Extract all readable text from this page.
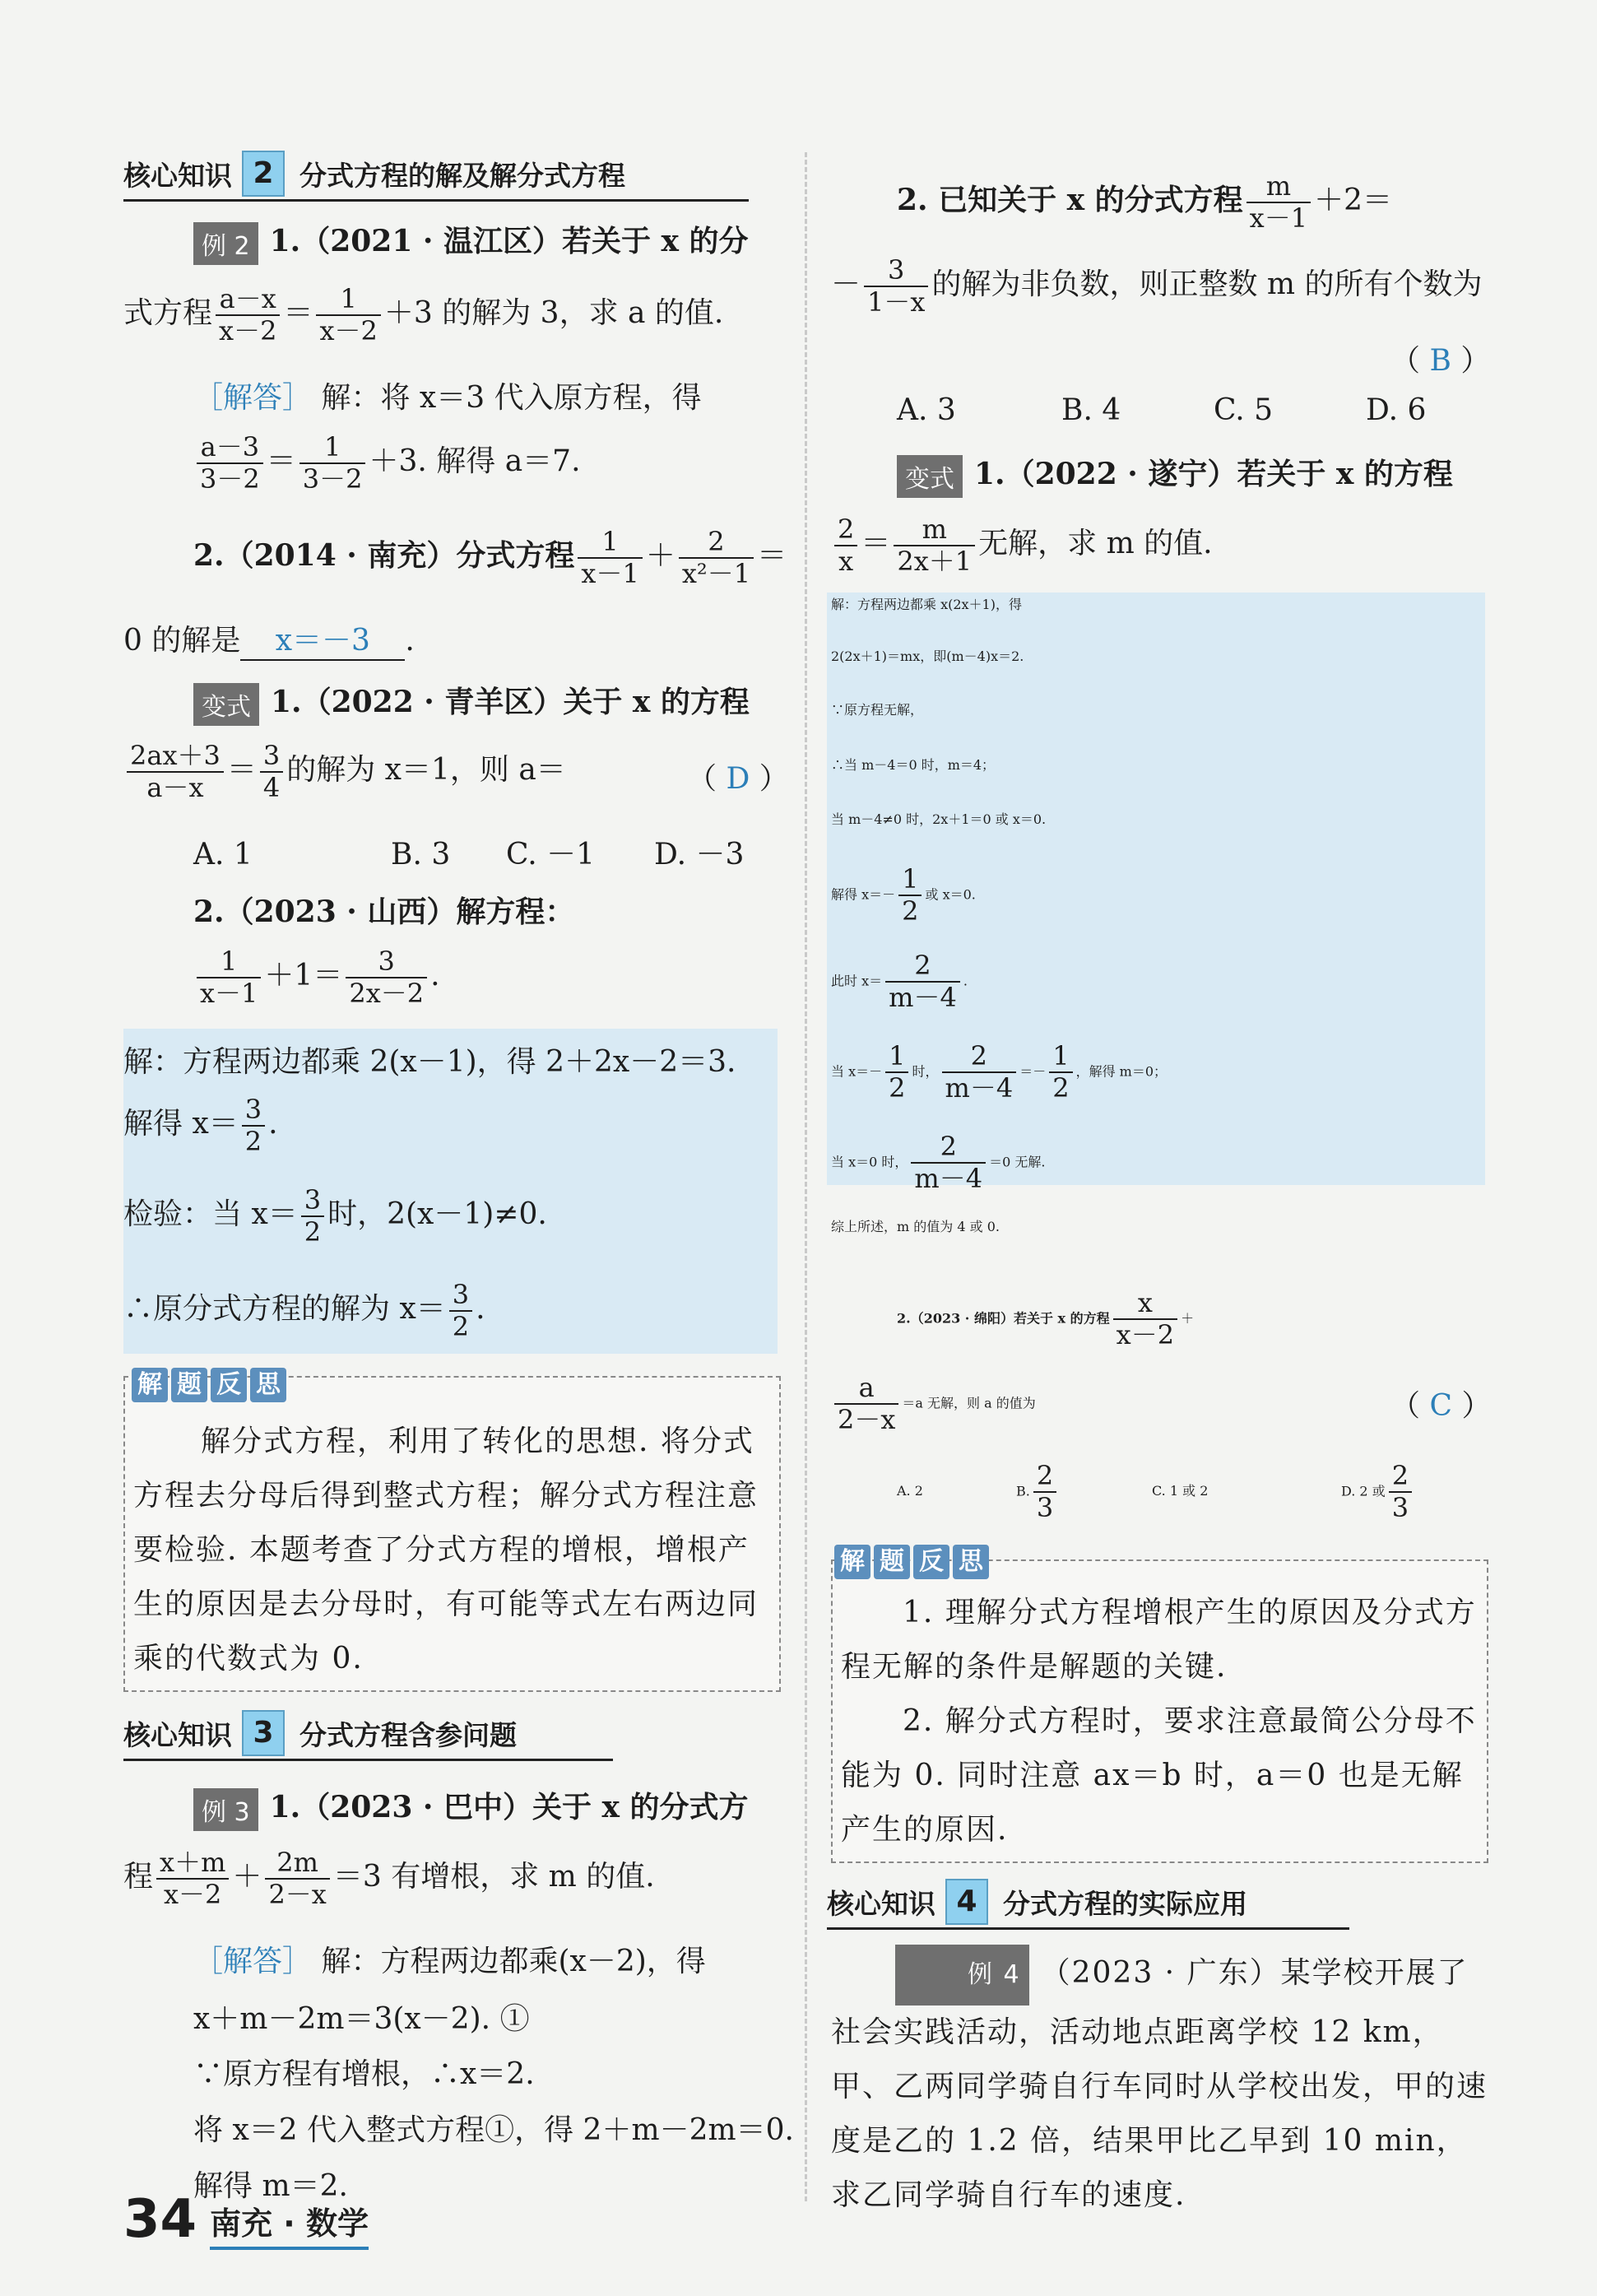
核心知识 2 分式方程的解及解分式方程
例 2 1.（2021 · 温江区）若关于 x 的分
式方程 $\frac{a-x}{x-2} = \frac{1}{x-2} +3$ 的解为 3，求 a 的值.
［解答］ 解：将 x＝3 代入原方程，得
$\frac{a-3}{3-2} = \frac{1}{3-2} +3$. 解得 a＝7.
2.（2014 · 南充）分式方程 $\frac{1}{x-1} + \frac{2}{\text{x²－1}}$ ＝
0 的解是 x＝－3 .
变式 1.（2022 · 青羊区）关于 x 的方程
$\frac{2ax+3}{a-x} = \frac{3}{4}$ 的解为 x＝1，则 a＝	（ D ）
A. 1	B. 3 C. －1 D. －3
2.（2023 · 山西）解方程：
$\frac{1}{x-1} +1= \frac{3}{2x-2}$ .
解：方程两边都乘 2(x－1)，得 2＋2x－2＝3.
解得 $x= \frac{3}{2}$ .
检验：当 $x= \frac{3}{2}$ 时，2(x－1)≠0.
∴原分式方程的解为 $x= \frac{3}{2}$ .
解 题 反 思
解分式方程，利用了转化的思想. 将分式方程去分母后得到整式方程；解分式方程注意要检验. 本题考查了分式方程的增根，增根产生的原因是去分母时，有可能等式左右两边同乘的代数式为 0.
核心知识 3 分式方程含参问题
例 3 1.（2023 · 巴中）关于 x 的分式方
程 $\frac{x+m}{x-2} + \frac{2m}{2-x} =3$ 有增根，求 m 的值.
［解答］ 解：方程两边都乘(x－2)，得
x＋m－2m＝3(x－2). ①
∵原方程有增根，∴x＝2.
将 x＝2 代入整式方程①，得 2＋m－2m＝0.
解得 m＝2.
2. 已知关于 x 的分式方程 $\frac{m}{x-1} +2=$
－ $\frac{3}{1-x}$ 的解为非负数，则正整数 m 的所有个数为
（ B ）
A. 3	B. 4	C. 5	D. 6
变式 1.（2022 · 遂宁）若关于 x 的方程
$\frac{2}{x} = \frac{m}{2x+1}$ 无解，求 m 的值.
解：方程两边都乘 x(2x＋1)，得
2(2x＋1)＝mx，即(m－4)x＝2.
∵原方程无解，
∴当 m－4＝0 时，m＝4；
当 m－4≠0 时，2x＋1＝0 或 x＝0.
解得 $x=- \frac{1}{2}$ 或 x＝0.
此时 $x= \frac{2}{m-4}$ .
当 $x=- \frac{1}{2}$ 时， $\frac{2}{m-4} =- \frac{1}{2}$ ，解得 m＝0；
当 x＝0 时， $\frac{2}{m-4} =0$ 无解.
综上所述，m 的值为 4 或 0.
2.（2023 · 绵阳）若关于 x 的方程 $\frac{x}{x-2}$ ＋
$\frac{a}{2-x} =a$ 无解，则 a 的值为	（ C ）
A. 2	B. $\frac{2}{3}$	C. 1 或 2	D. 2 或 $\frac{2}{3}$
解 题 反 思
1. 理解分式方程增根产生的原因及分式方程无解的条件是解题的关键.
2. 解分式方程时，要求注意最简公分母不能为 0. 同时注意 ax＝b 时，a＝0 也是无解产生的原因.
核心知识 4 分式方程的实际应用
例 4 （2023 · 广东）某学校开展了社会实践活动，活动地点距离学校 12 km，甲、乙两同学骑自行车同时从学校出发，甲的速度是乙的 1.2 倍，结果甲比乙早到 10 min，求乙同学骑自行车的速度.
34 南充 · 数学
